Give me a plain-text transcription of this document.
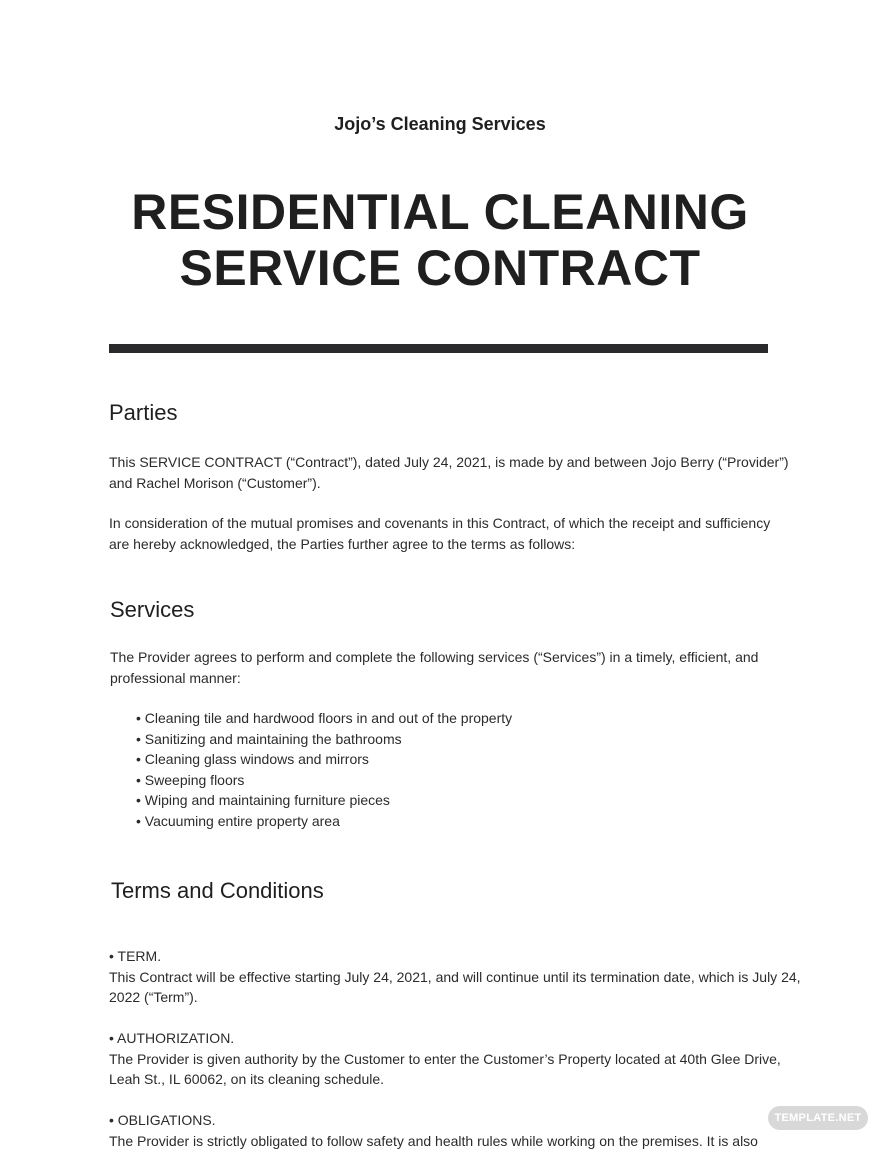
Jojo’s Cleaning Services
RESIDENTIAL CLEANING
SERVICE CONTRACT
Parties
This SERVICE CONTRACT (“Contract”), dated July 24, 2021, is made by and between Jojo Berry (“Provider”)
and Rachel Morison (“Customer”).
In consideration of the mutual promises and covenants in this Contract, of which the receipt and sufficiency
are hereby acknowledged, the Parties further agree to the terms as follows:
Services
The Provider agrees to perform and complete the following services (“Services”) in a timely, efficient, and
professional manner:
• Cleaning tile and hardwood floors in and out of the property
• Sanitizing and maintaining the bathrooms
• Cleaning glass windows and mirrors
• Sweeping floors
• Wiping and maintaining furniture pieces
• Vacuuming entire property area
Terms and Conditions
• TERM.
This Contract will be effective starting July 24, 2021, and will continue until its termination date, which is July 24,
2022 (“Term”).
• AUTHORIZATION.
The Provider is given authority by the Customer to enter the Customer’s Property located at 40th Glee Drive,
Leah St., IL 60062, on its cleaning schedule.
• OBLIGATIONS.
The Provider is strictly obligated to follow safety and health rules while working on the premises. It is also
TEMPLATE.NET
